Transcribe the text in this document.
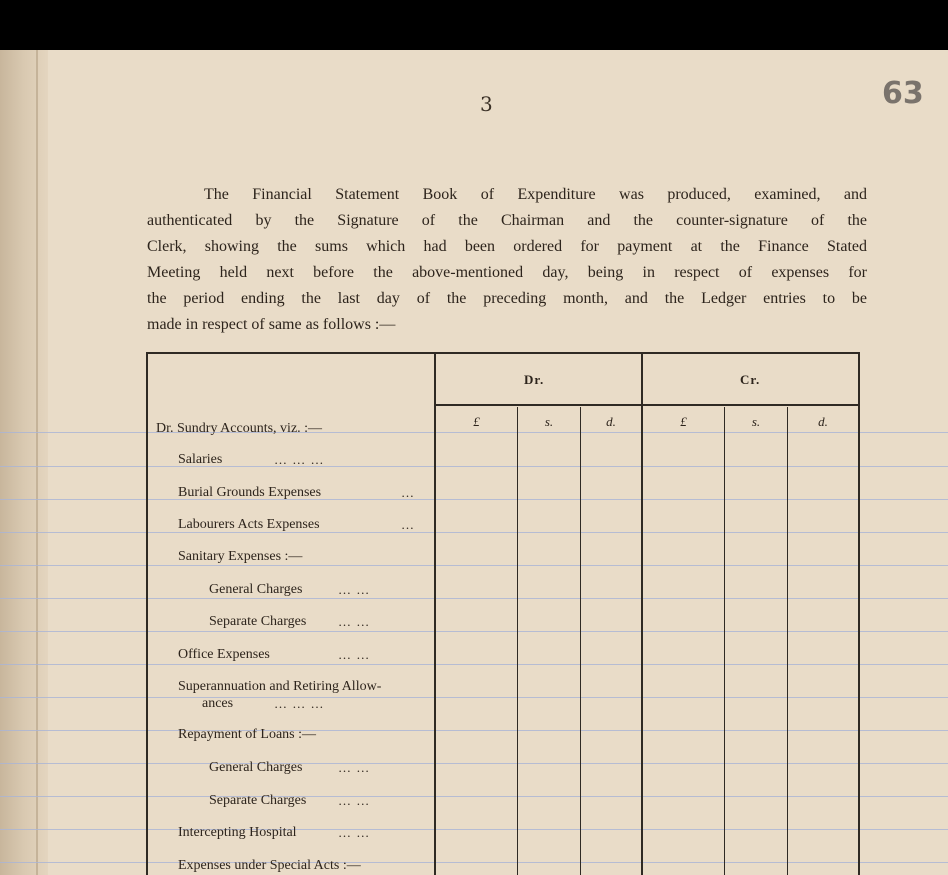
3	63
The Financial Statement Book of Expenditure was produced, examined, and
authenticated by the Signature of the Chairman and the counter-signature of the
Clerk, showing the sums which had been ordered for payment at the Finance Stated
Meeting held next before the above-mentioned day, being in respect of expenses for
the period ending the last day of the preceding month, and the Ledger entries to be
made in respect of same as follows :—
Dr.	Cr.
£	s.	d.	£	s.	d.
Dr. Sundry Accounts, viz. :—
Salaries	… … …
Burial Grounds Expenses	…
Labourers Acts Expenses	…
Sanitary Expenses :—
General Charges	… …
Separate Charges … …
Office Expenses	… …
Superannuation and Retiring Allow-
ances	… … …
Repayment of Loans :—
General Charges	… …
Separate Charges … …
Intercepting Hospital	… …
Expenses under Special Acts :—
